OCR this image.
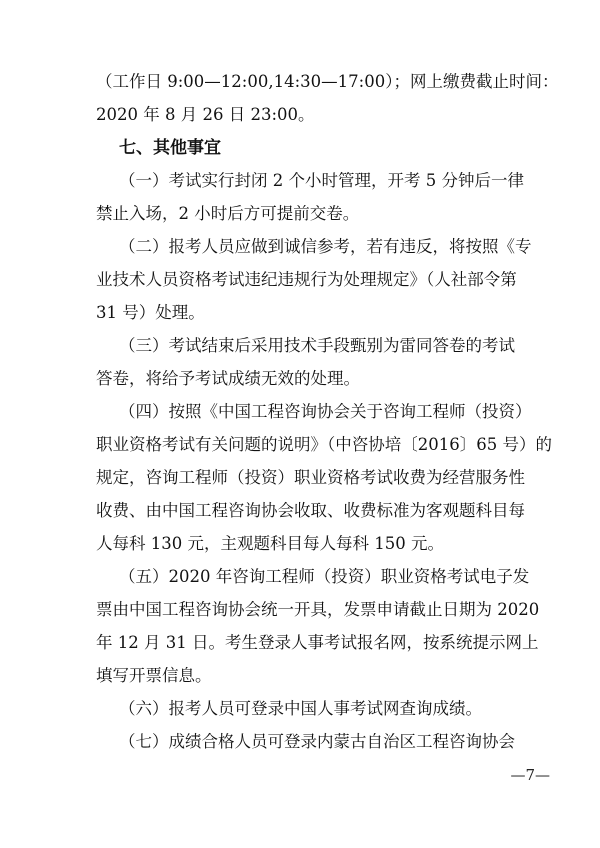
（工作日 9:00—12:00,14:30—17:00）；网上缴费截止时间：
2020 年 8 月 26 日 23:00。
七、其他事宜
（一）考试实行封闭 2 个小时管理，开考 5 分钟后一律
禁止入场，2 小时后方可提前交卷。
（二）报考人员应做到诚信参考，若有违反，将按照《专
业技术人员资格考试违纪违规行为处理规定》（人社部令第
31 号）处理。
（三）考试结束后采用技术手段甄别为雷同答卷的考试
答卷，将给予考试成绩无效的处理。
（四）按照《中国工程咨询协会关于咨询工程师（投资）
职业资格考试有关问题的说明》（中咨协培〔2016〕65 号）的
规定，咨询工程师（投资）职业资格考试收费为经营服务性
收费、由中国工程咨询协会收取、收费标准为客观题科目每
人每科 130 元，主观题科目每人每科 150 元。
（五）2020 年咨询工程师（投资）职业资格考试电子发
票由中国工程咨询协会统一开具，发票申请截止日期为 2020
年 12 月 31 日。考生登录人事考试报名网，按系统提示网上
填写开票信息。
（六）报考人员可登录中国人事考试网查询成绩。
（七）成绩合格人员可登录内蒙古自治区工程咨询协会
—7—
